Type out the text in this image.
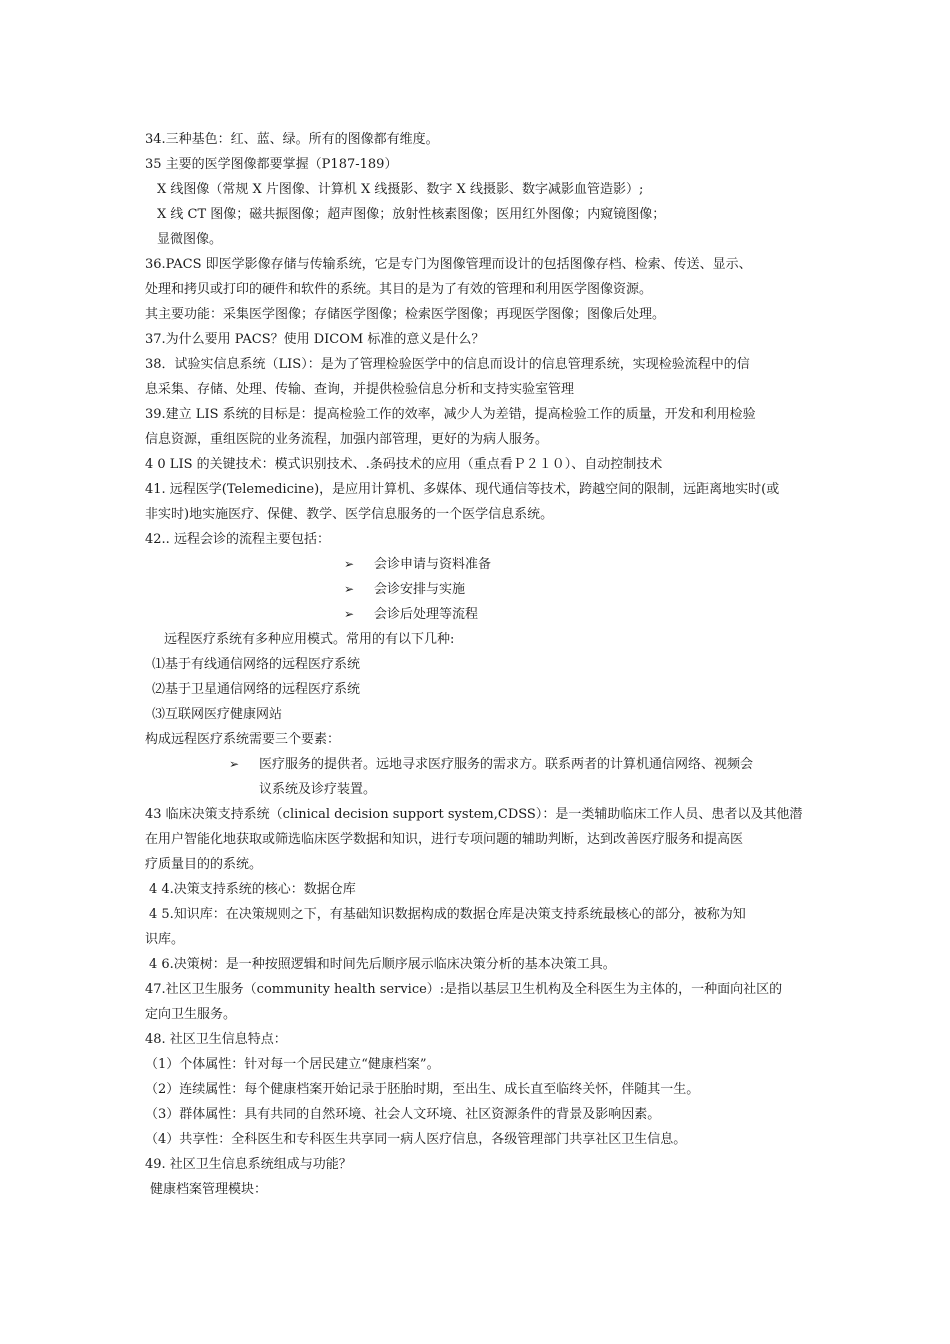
34.三种基色：红、蓝、绿。所有的图像都有维度。
35 主要的医学图像都要掌握（P187-189）
X 线图像（常规 X 片图像、计算机 X 线摄影、数字 X 线摄影、数字减影血管造影）;
X 线 CT 图像；磁共振图像；超声图像；放射性核素图像；医用红外图像；内窥镜图像；
显微图像。
36.PACS 即医学影像存储与传输系统，它是专门为图像管理而设计的包括图像存档、检索、传送、显示、
处理和拷贝或打印的硬件和软件的系统。其目的是为了有效的管理和利用医学图像资源。
其主要功能：采集医学图像；存储医学图像；检索医学图像；再现医学图像；图像后处理。
37.为什么要用 PACS？使用 DICOM 标准的意义是什么？
38．试验实信息系统（LIS）：是为了管理检验医学中的信息而设计的信息管理系统，实现检验流程中的信
息采集、存储、处理、传输、查询，并提供检验信息分析和支持实验室管理
39.建立 LIS 系统的目标是：提高检验工作的效率，减少人为差错，提高检验工作的质量，开发和利用检验
信息资源，重组医院的业务流程，加强内部管理，更好的为病人服务。
4 0 LIS 的关键技术：模式识别技术、.条码技术的应用（重点看Ｐ２１０）、自动控制技术
41. 远程医学(Telemedicine)，是应用计算机、多媒体、现代通信等技术，跨越空间的限制，远距离地实时(或
非实时)地实施医疗、保健、教学、医学信息服务的一个医学信息系统。
42.. 远程会诊的流程主要包括：
➢ 会诊申请与资料准备
➢ 会诊安排与实施
➢ 会诊后处理等流程
远程医疗系统有多种应用模式。常用的有以下几种:
⑴基于有线通信网络的远程医疗系统
⑵基于卫星通信网络的远程医疗系统
⑶互联网医疗健康网站
构成远程医疗系统需要三个要素：
➢ 医疗服务的提供者。远地寻求医疗服务的需求方。联系两者的计算机通信网络、视频会
议系统及诊疗装置。
43 临床决策支持系统（clinical decision support system,CDSS）：是一类辅助临床工作人员、患者以及其他潜
在用户智能化地获取或筛选临床医学数据和知识，进行专项问题的辅助判断，达到改善医疗服务和提高医
疗质量目的的系统。
4 4.决策支持系统的核心：数据仓库
4 5.知识库：在决策规则之下，有基础知识数据构成的数据仓库是决策支持系统最核心的部分，被称为知
识库。
4 6.决策树：是一种按照逻辑和时间先后顺序展示临床决策分析的基本决策工具。
47.社区卫生服务（community health service）:是指以基层卫生机构及全科医生为主体的，一种面向社区的
定向卫生服务。
48. 社区卫生信息特点：
（1）个体属性：针对每一个居民建立“健康档案”。
（2）连续属性：每个健康档案开始记录于胚胎时期，至出生、成长直至临终关怀，伴随其一生。
（3）群体属性：具有共同的自然环境、社会人文环境、社区资源条件的背景及影响因素。
（4）共享性：全科医生和专科医生共享同一病人医疗信息，各级管理部门共享社区卫生信息。
49. 社区卫生信息系统组成与功能？
健康档案管理模块：
